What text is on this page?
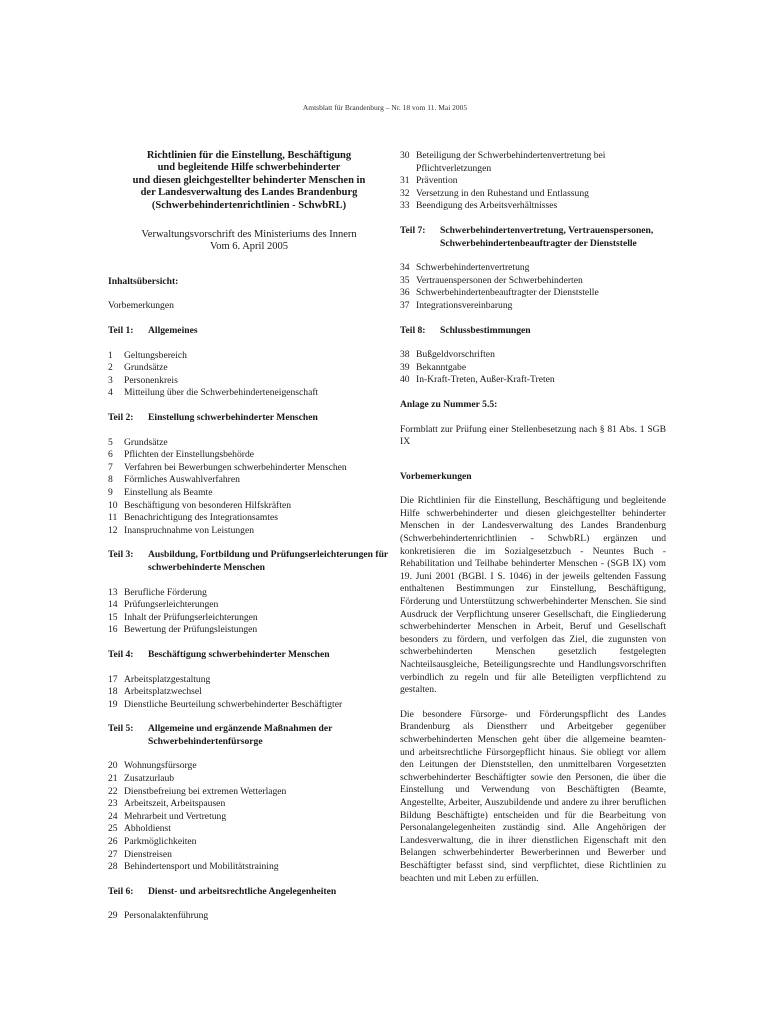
Amtsblatt für Brandenburg – Nr. 18 vom 11. Mai 2005
Richtlinien für die Einstellung, Beschäftigung
und begleitende Hilfe schwerbehinderter
und diesen gleichgestellter behinderter Menschen in
der Landesverwaltung des Landes Brandenburg
(Schwerbehindertenrichtlinien - SchwbRL)
Verwaltungsvorschrift des Ministeriums des Innern
Vom 6. April 2005
Inhaltsübersicht:
Vorbemerkungen
Teil 1: Allgemeines
1 Geltungsbereich
2 Grundsätze
3 Personenkreis
4 Mitteilung über die Schwerbehinderteneigenschaft
Teil 2: Einstellung schwerbehinderter Menschen
5 Grundsätze
6 Pflichten der Einstellungsbehörde
7 Verfahren bei Bewerbungen schwerbehinderter Menschen
8 Förmliches Auswahlverfahren
9 Einstellung als Beamte
10 Beschäftigung von besonderen Hilfskräften
11 Benachrichtigung des Integrationsamtes
12 Inanspruchnahme von Leistungen
Teil 3: Ausbildung, Fortbildung und Prüfungserleichterungen für schwerbehinderte Menschen
13 Berufliche Förderung
14 Prüfungserleichterungen
15 Inhalt der Prüfungserleichterungen
16 Bewertung der Prüfungsleistungen
Teil 4: Beschäftigung schwerbehinderter Menschen
17 Arbeitsplatzgestaltung
18 Arbeitsplatzwechsel
19 Dienstliche Beurteilung schwerbehinderter Beschäftigter
Teil 5: Allgemeine und ergänzende Maßnahmen der Schwerbehindertenfürsorge
20 Wohnungsfürsorge
21 Zusatzurlaub
22 Dienstbefreiung bei extremen Wetterlagen
23 Arbeitszeit, Arbeitspausen
24 Mehrarbeit und Vertretung
25 Abholdienst
26 Parkmöglichkeiten
27 Dienstreisen
28 Behindertensport und Mobilitätstraining
Teil 6: Dienst- und arbeitsrechtliche Angelegenheiten
29 Personalaktenführung
30 Beteiligung der Schwerbehindertenvertretung bei Pflichtverletzungen
31 Prävention
32 Versetzung in den Ruhestand und Entlassung
33 Beendigung des Arbeitsverhältnisses
Teil 7: Schwerbehindertenvertretung, Vertrauenspersonen, Schwerbehindertenbeauftragter der Dienststelle
34 Schwerbehindertenvertretung
35 Vertrauenspersonen der Schwerbehinderten
36 Schwerbehindertenbeauftragter der Dienststelle
37 Integrationsvereinbarung
Teil 8: Schlussbestimmungen
38 Bußgeldvorschriften
39 Bekanntgabe
40 In-Kraft-Treten, Außer-Kraft-Treten
Anlage zu Nummer 5.5:

Formblatt zur Prüfung einer Stellenbesetzung nach § 81 Abs. 1 SGB IX

Vorbemerkungen

Die Richtlinien für die Einstellung, Beschäftigung und begleitende Hilfe schwerbehinderter und diesen gleichgestellter behinderter Menschen in der Landesverwaltung des Landes Brandenburg (Schwerbehindertenrichtlinien - SchwbRL) ergänzen und konkretisieren die im Sozialgesetzbuch - Neuntes Buch - Rehabilitation und Teilhabe behinderter Menschen - (SGB IX) vom 19. Juni 2001 (BGBl. I S. 1046) in der jeweils geltenden Fassung enthaltenen Bestimmungen zur Einstellung, Beschäftigung, Förderung und Unterstützung schwerbehinderter Menschen. Sie sind Ausdruck der Verpflichtung unserer Gesellschaft, die Eingliederung schwerbehinderter Menschen in Arbeit, Beruf und Gesellschaft besonders zu fördern, und verfolgen das Ziel, die zugunsten von schwerbehinderten Menschen gesetzlich festgelegten Nachteilsausgleiche, Beteiligungsrechte und Handlungsvorschriften verbindlich zu regeln und für alle Beteiligten verpflichtend zu gestalten.

Die besondere Fürsorge- und Förderungspflicht des Landes Brandenburg als Dienstherr und Arbeitgeber gegenüber schwerbehinderten Menschen geht über die allgemeine beamten- und arbeitsrechtliche Fürsorgepflicht hinaus. Sie obliegt vor allem den Leitungen der Dienststellen, den unmittelbaren Vorgesetzten schwerbehinderter Beschäftigter sowie den Personen, die über die Einstellung und Verwendung von Beschäftigten (Beamte, Angestellte, Arbeiter, Auszubildende und andere zu ihrer beruflichen Bildung Beschäftigte) entscheiden und für die Bearbeitung von Personalangelegenheiten zuständig sind. Alle Angehörigen der Landesverwaltung, die in ihrer dienstlichen Eigenschaft mit den Belangen schwerbehinderter Bewerberinnen und Bewerber und Beschäftigter befasst sind, sind verpflichtet, diese Richtlinien zu beachten und mit Leben zu erfüllen.
